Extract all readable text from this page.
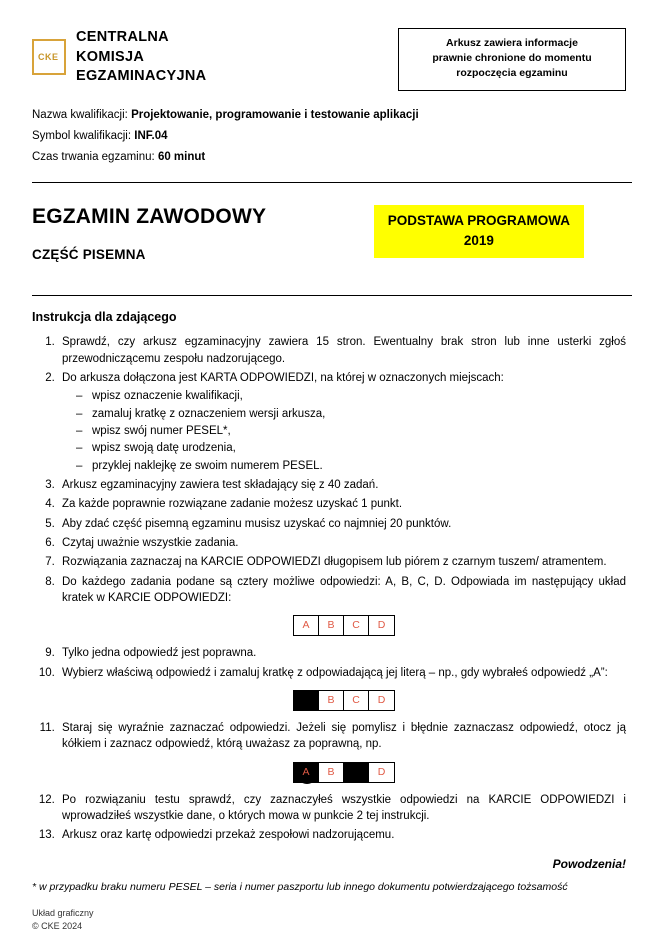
CKE
CENTRALNA
KOMISJA
EGZAMINACYJNA
Arkusz zawiera informacje
prawnie chronione do momentu
rozpoczęcia egzaminu
Nazwa kwalifikacji: Projektowanie, programowanie i testowanie aplikacji
Symbol kwalifikacji: INF.04
Czas trwania egzaminu: 60 minut
EGZAMIN ZAWODOWY
CZĘŚĆ PISEMNA
PODSTAWA PROGRAMOWA
2019
Instrukcja dla zdającego
1. Sprawdź, czy arkusz egzaminacyjny zawiera 15 stron. Ewentualny brak stron lub inne usterki zgłoś przewodniczącemu zespołu nadzorującego.
2. Do arkusza dołączona jest KARTA ODPOWIEDZI, na której w oznaczonych miejscach:
– wpisz oznaczenie kwalifikacji,
– zamaluj kratkę z oznaczeniem wersji arkusza,
– wpisz swój numer PESEL*,
– wpisz swoją datę urodzenia,
– przyklej naklejkę ze swoim numerem PESEL.
3. Arkusz egzaminacyjny zawiera test składający się z 40 zadań.
4. Za każde poprawnie rozwiązane zadanie możesz uzyskać 1 punkt.
5. Aby zdać część pisemną egzaminu musisz uzyskać co najmniej 20 punktów.
6. Czytaj uważnie wszystkie zadania.
7. Rozwiązania zaznaczaj na KARCIE ODPOWIEDZI długopisem lub piórem z czarnym tuszem/ atramentem.
8. Do każdego zadania podane są cztery możliwe odpowiedzi: A, B, C, D. Odpowiada im następujący układ kratek w KARCIE ODPOWIEDZI:
A	B	C	D
9. Tylko jedna odpowiedź jest poprawna.
10. Wybierz właściwą odpowiedź i zamaluj kratkę z odpowiadającą jej literą – np., gdy wybrałeś odpowiedź „A”:
A	B	C	D
11. Staraj się wyraźnie zaznaczać odpowiedzi. Jeżeli się pomylisz i błędnie zaznaczasz odpowiedź, otocz ją kółkiem i zaznacz odpowiedź, którą uważasz za poprawną, np.
A	B	C	D
12. Po rozwiązaniu testu sprawdź, czy zaznaczyłeś wszystkie odpowiedzi na KARCIE ODPOWIEDZI i wprowadziłeś wszystkie dane, o których mowa w punkcie 2 tej instrukcji.
13. Arkusz oraz kartę odpowiedzi przekaż zespołowi nadzorującemu.
Powodzenia!
* w przypadku braku numeru PESEL – seria i numer paszportu lub innego dokumentu potwierdzającego tożsamość
Układ graficzny
© CKE 2024
